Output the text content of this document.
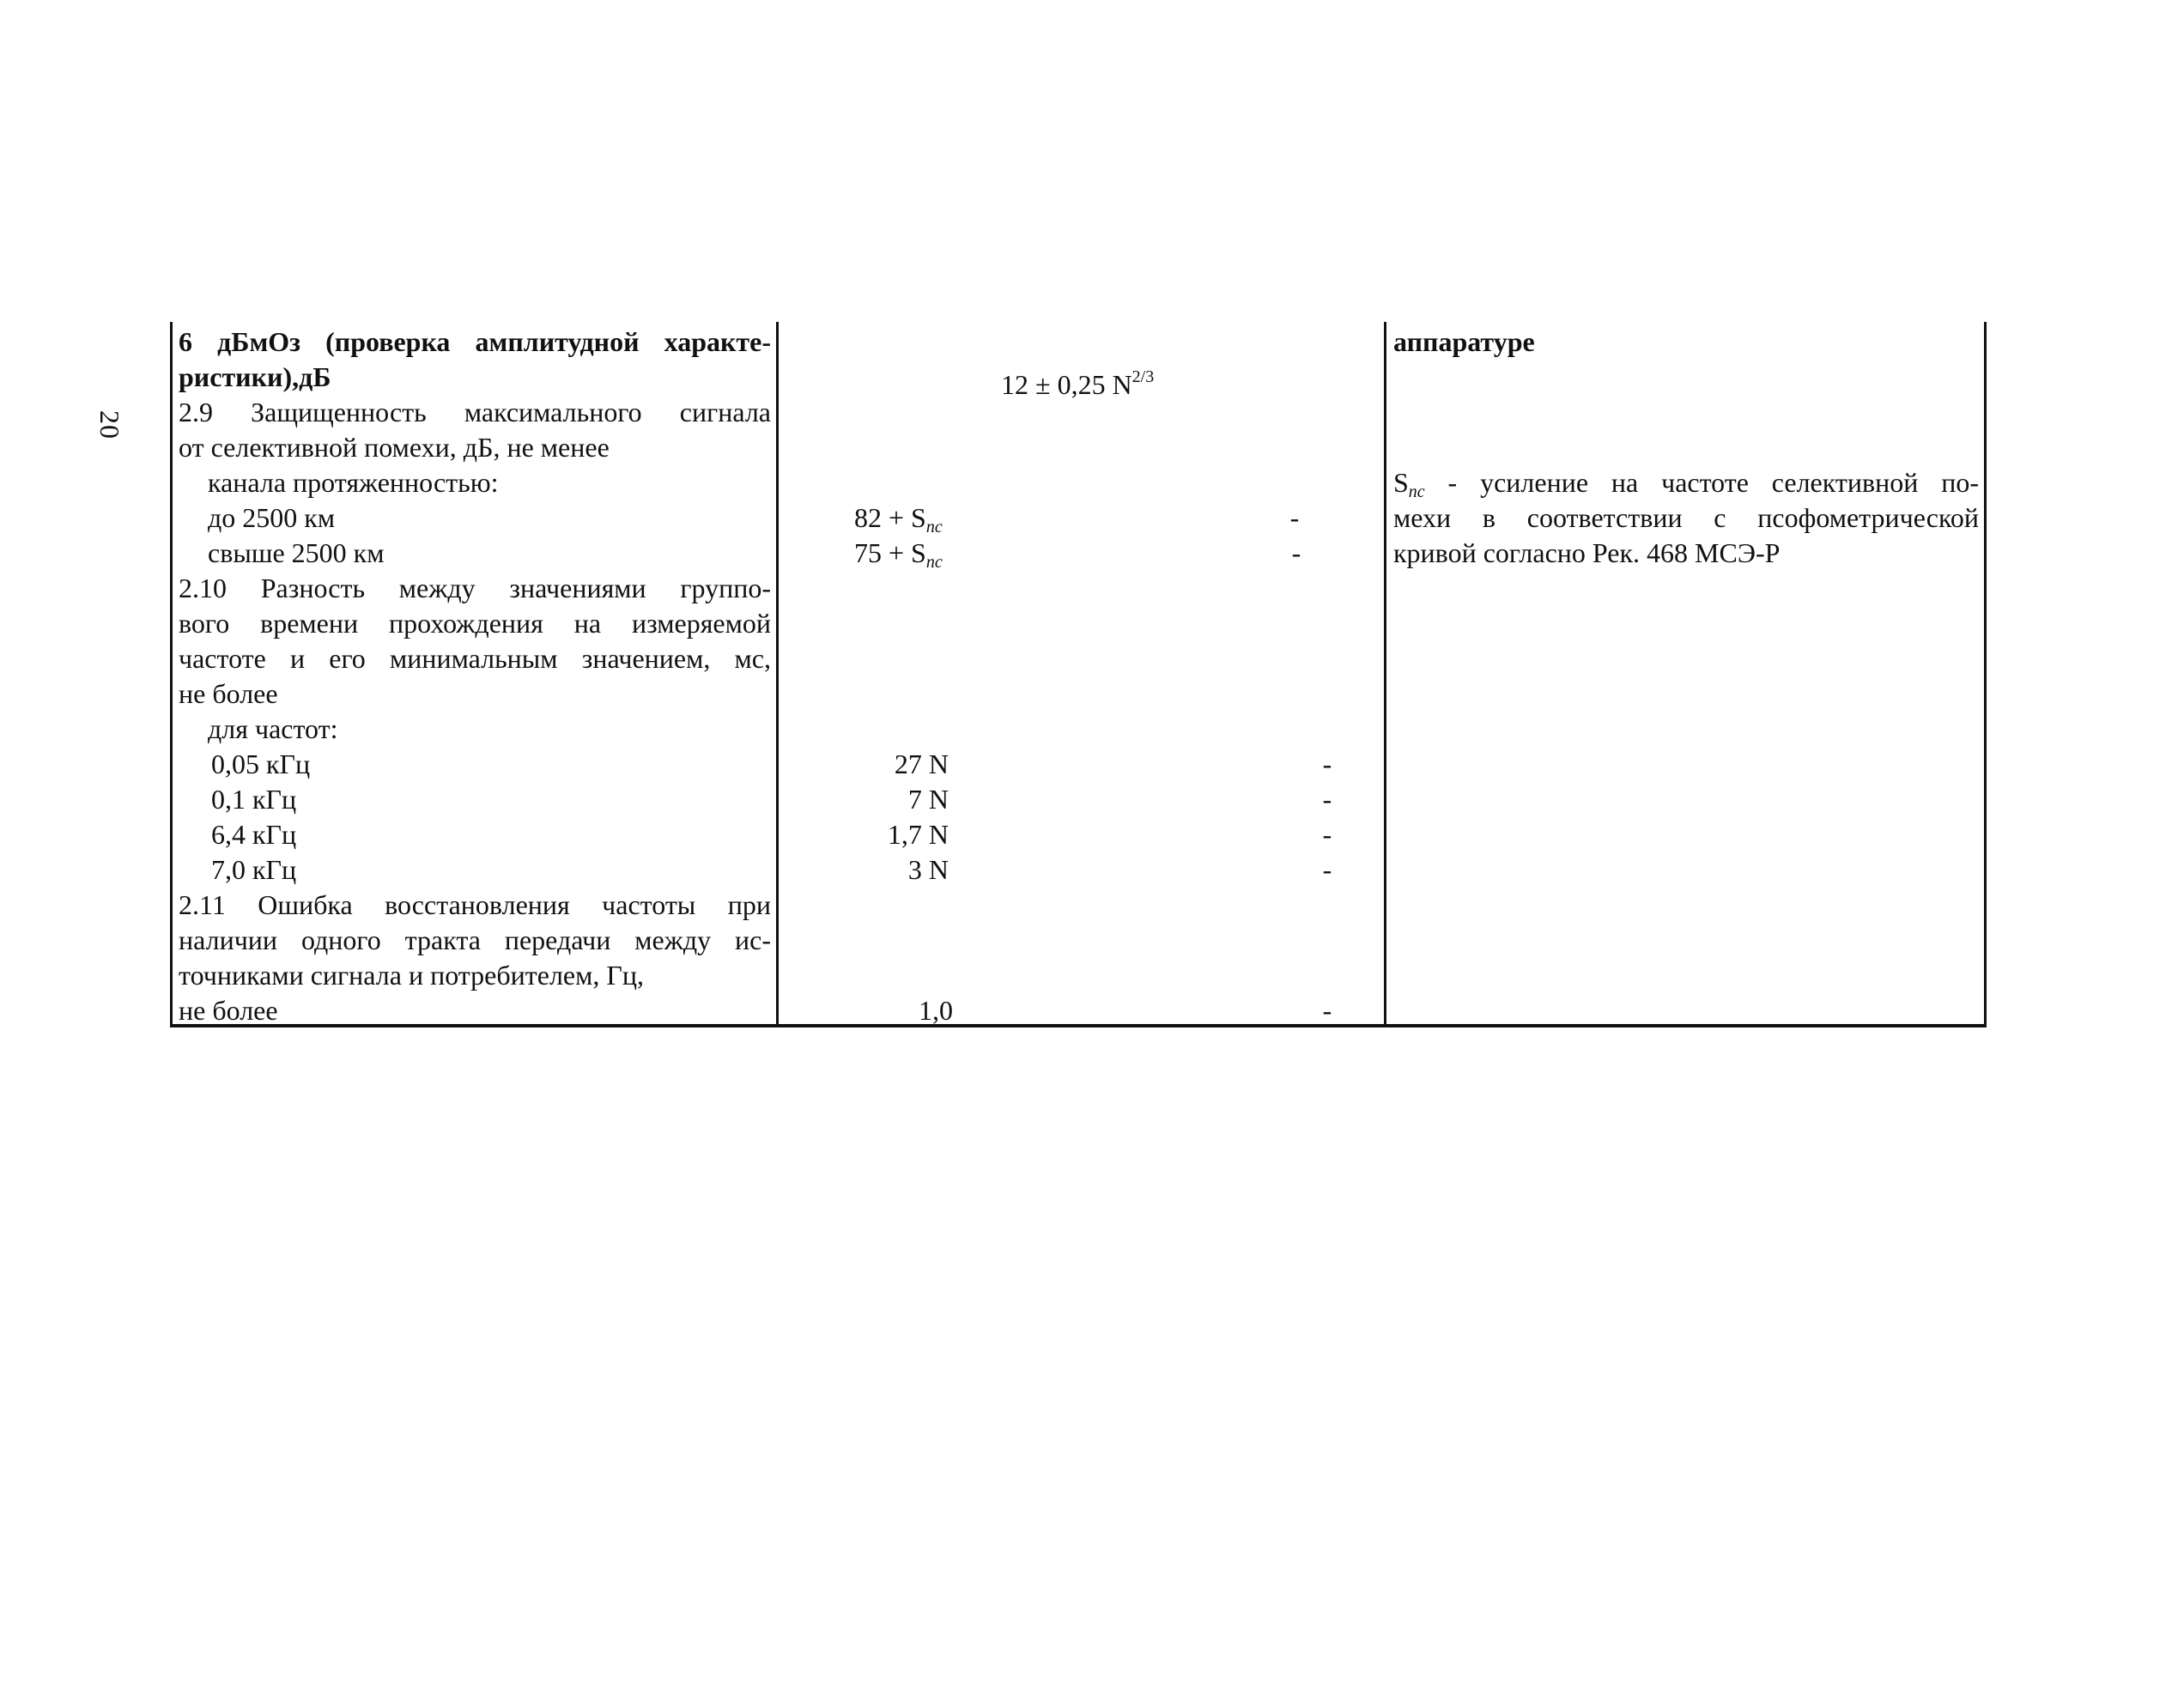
20
6 дБмОз (проверка амплитудной характе-
ристики),дБ	12 ± 0,25 $N^{2/3}$
аппаратуре
2.9 Защищенность максимального сигнала
от селективной помехи, дБ, не менее
канала протяженностью:
до 2500 км	$82 + S_{пс}$	-
свыше 2500 км	$75 + S_{пс}$	-
$S_{пс}$ - усиление на частоте селективной по-
мехи в соответствии с псофометрической
кривой согласно Рек. 468 МСЭ-Р
2.10 Разность между значениями группо-
вого времени прохождения на измеряемой
частоте и его минимальным значением, мс,
не более
для частот:
0,05 кГц	27 N	-
0,1 кГц	7 N	-
6,4 кГц	1,7 N	-
7,0 кГц	3 N	-
2.11 Ошибка восстановления частоты при
наличии одного тракта передачи между ис-
точниками сигнала и потребителем, Гц,
не более	1,0	-
